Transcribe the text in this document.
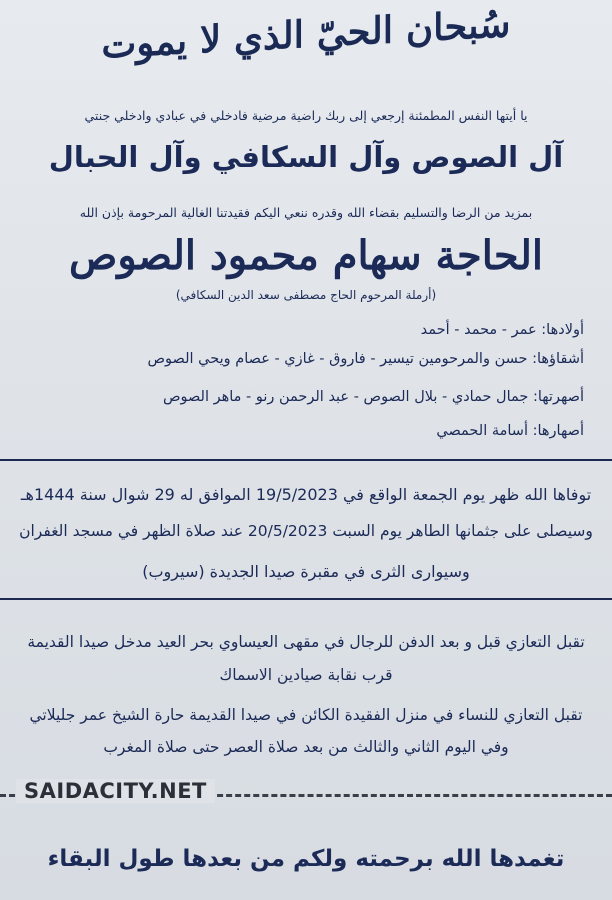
سُبحان الحيّ الذي لا يموت
يا أيتها النفس المطمئنة إرجعي إلى ربك راضية مرضية فادخلي في عبادي وادخلي جنتي
آل الصوص وآل السكافي وآل الحبال
بمزيد من الرضا والتسليم بقضاء الله وقدره ننعي اليكم فقيدتنا الغالية المرحومة بإذن الله
الحاجة سهام محمود الصوص
(أرملة المرحوم الحاج مصطفى سعد الدين السكافي)
أولادها: عمر - محمد - أحمد
أشقاؤها: حسن والمرحومين تيسير - فاروق - غازي - عصام ويحي الصوص
أصهرتها: جمال حمادي - بلال الصوص - عبد الرحمن رنو - ماهر الصوص
أصهارها: أسامة الحمصي
توفاها الله ظهر يوم الجمعة الواقع في 19/5/2023 الموافق له 29 شوال سنة 1444هـ
وسيصلى على جثمانها الطاهر يوم السبت 20/5/2023 عند صلاة الظهر في مسجد الغفران
وسيوارى الثرى في مقبرة صيدا الجديدة (سيروب)
تقبل التعازي قبل و بعد الدفن للرجال في مقهى العيساوي بحر العيد مدخل صيدا القديمة
قرب نقابة صيادين الاسماك
تقبل التعازي للنساء في منزل الفقيدة الكائن في صيدا القديمة حارة الشيخ عمر جليلاتي
وفي اليوم الثاني والثالث من بعد صلاة العصر حتى صلاة المغرب
SAIDACITY.NET
تغمدها الله برحمته ولكم من بعدها طول البقاء
